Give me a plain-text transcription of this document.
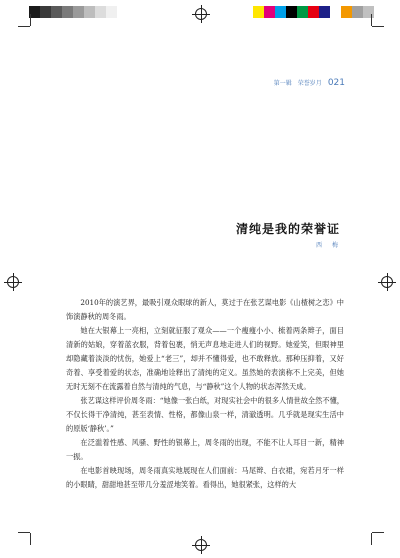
第一辑　荣誉岁月 021
清纯是我的荣誉证
西　梅

2010年的演艺界，最吸引观众眼球的新人，莫过于在张艺谋电影《山楂树之恋》中饰演静秋的周冬雨。

她在大银幕上一亮相，立刻就征服了观众——一个瘦瘦小小、梳着两条辫子，面目清新的姑娘，穿着蓝衣服，背着包裹，悄无声息地走进人们的视野。她爱笑，但眼神里却隐藏着淡淡的忧伤，她爱上“老三”，却并不懂得爱，也不敢释放。那种压抑着，又好奇着、享受着爱的状态，准确地诠释出了清纯的定义。虽然她的表演称不上完美，但她无时无刻不在流露着自然与清纯的气息，与“静秋”这个人物的状态浑然天成。

张艺谋这样评价周冬雨：“她像一张白纸，对现实社会中的很多人情世故全然不懂，不仅长得干净清纯，甚至表情、性格，都像山泉一样，清澈透明。几乎就是现实生活中的原版‘静秋’。”

在泛滥着性感、风骚、野性的银幕上，周冬雨的出现，不能不让人耳目一新，精神一振。

在电影首映现场，周冬雨真实地展现在人们面前：马尾辫、白衣裙，宛若月牙一样的小眼睛，甜甜地甚至带几分羞涩地笑着。看得出，她很紧张，这样的大
